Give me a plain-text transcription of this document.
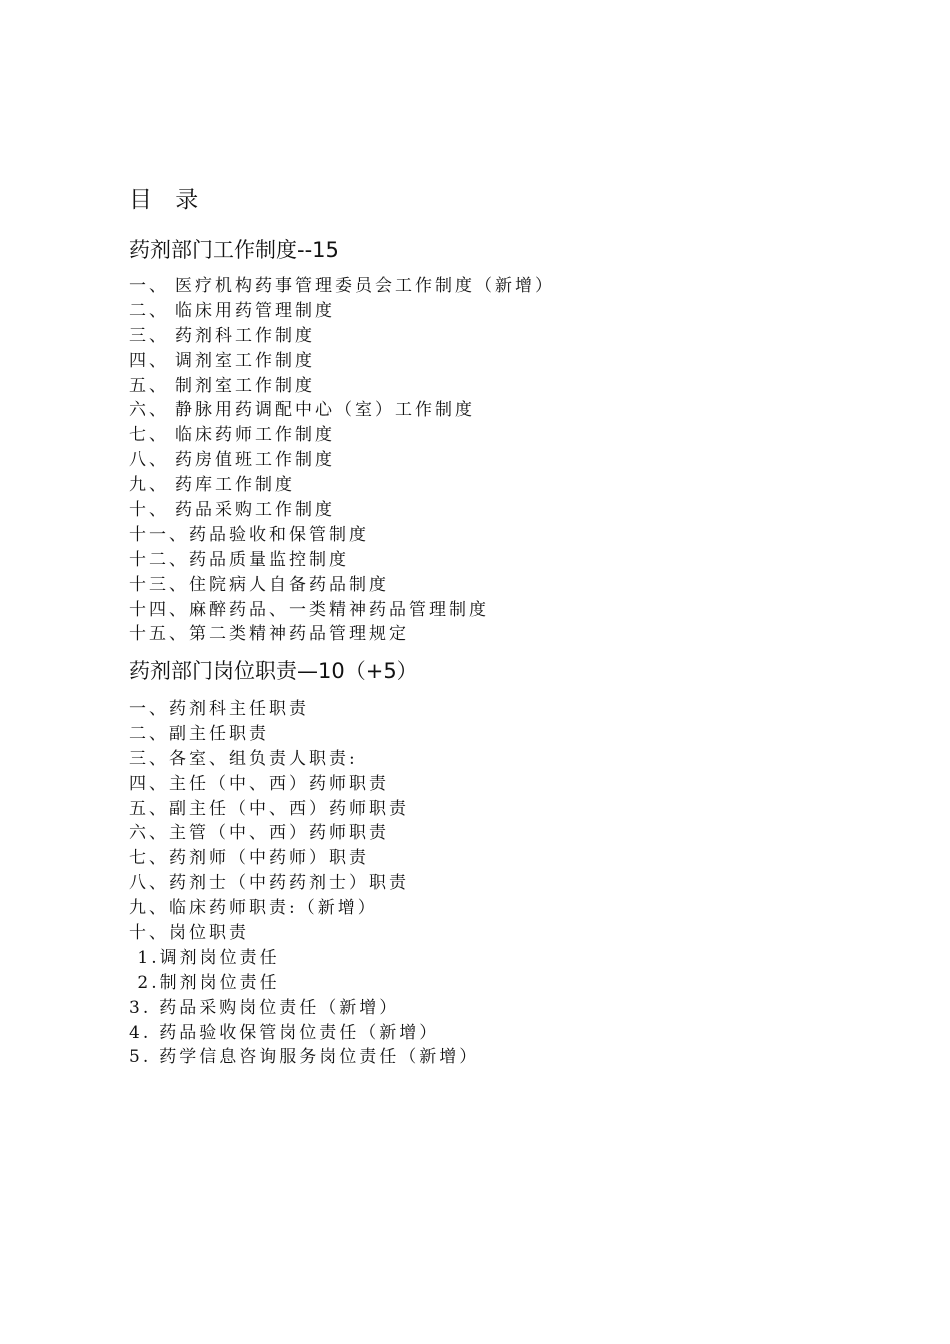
目 录
药剂部门工作制度--15
一、 医疗机构药事管理委员会工作制度（新增）
二、 临床用药管理制度
三、 药剂科工作制度
四、 调剂室工作制度
五、 制剂室工作制度
六、 静脉用药调配中心（室）工作制度
七、 临床药师工作制度
八、 药房值班工作制度
九、 药库工作制度
十、 药品采购工作制度
十一、药品验收和保管制度
十二、药品质量监控制度
十三、住院病人自备药品制度
十四、麻醉药品、一类精神药品管理制度
十五、第二类精神药品管理规定
药剂部门岗位职责—10（+5）
一、药剂科主任职责
二、副主任职责
三、各室、组负责人职责:
四、主任（中、西）药师职责
五、副主任（中、西）药师职责
六、主管（中、西）药师职责
七、药剂师（中药师）职责
八、药剂士（中药药剂士）职责
九、临床药师职责:（新增）
十、岗位职责
1.调剂岗位责任
2.制剂岗位责任
3. 药品采购岗位责任（新增）
4. 药品验收保管岗位责任（新增）
5. 药学信息咨询服务岗位责任（新增）
